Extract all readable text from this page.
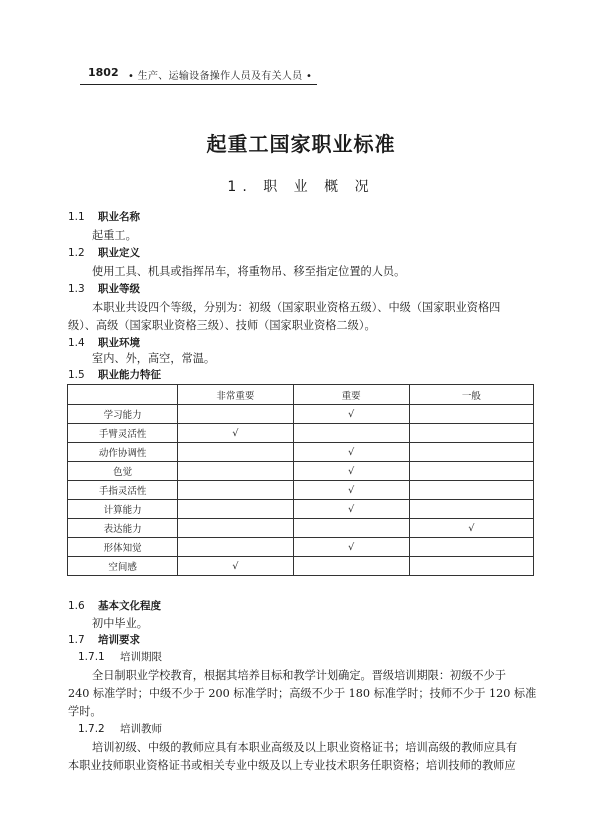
1802 • 生产、运输设备操作人员及有关人员 •
起重工国家职业标准
1. 职 业 概 况
1.1 职业名称
起重工。
1.2 职业定义
使用工具、机具或指挥吊车，将重物吊、移至指定位置的人员。
1.3 职业等级
本职业共设四个等级，分别为：初级（国家职业资格五级）、中级（国家职业资格四
级）、高级（国家职业资格三级）、技师（国家职业资格二级）。
1.4 职业环境
室内、外，高空，常温。
1.5 职业能力特征
	非常重要	重要	一般
学习能力		√	
手臂灵活性	√		
动作协调性		√	
色觉		√	
手指灵活性		√	
计算能力		√	
表达能力			√
形体知觉		√	
空间感	√		
1.6 基本文化程度
初中毕业。
1.7 培训要求
1.7.1 培训期限
全日制职业学校教育，根据其培养目标和教学计划确定。晋级培训期限：初级不少于
240 标准学时；中级不少于 200 标准学时；高级不少于 180 标准学时；技师不少于 120 标准
学时。
1.7.2 培训教师
培训初级、中级的教师应具有本职业高级及以上职业资格证书；培训高级的教师应具有
本职业技师职业资格证书或相关专业中级及以上专业技术职务任职资格；培训技师的教师应
